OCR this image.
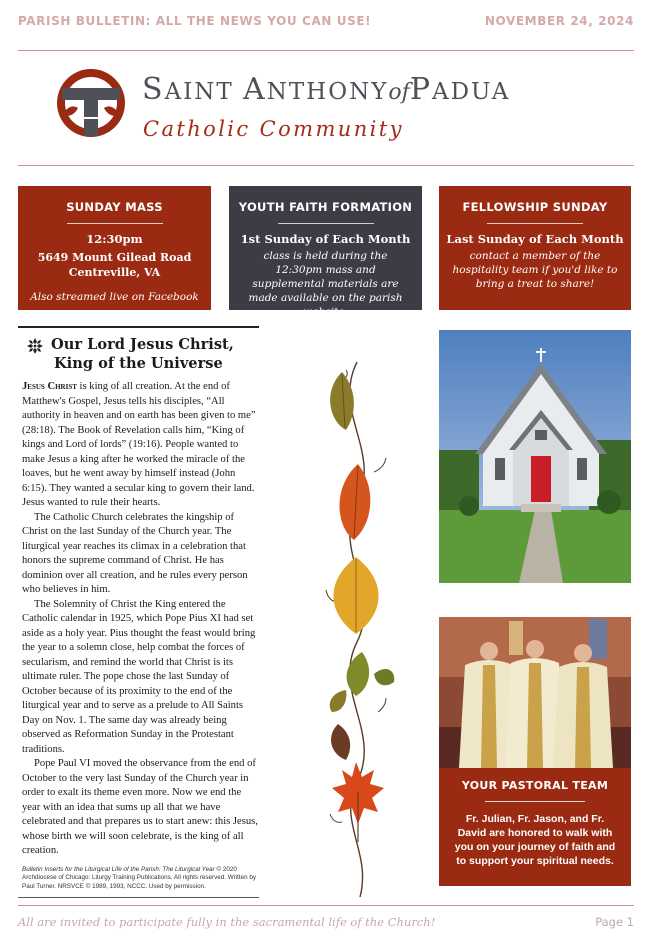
PARISH BULLETIN: ALL THE NEWS YOU CAN USE!	NOVEMBER 24, 2024
SAINT ANTHONYofPADUA
Catholic Community
SUNDAY MASS
12:30pm
5649 Mount Gilead Road
Centreville, VA
Also streamed live on Facebook
YOUTH FAITH FORMATION
1st Sunday of Each Month
class is held during the 12:30pm mass and supplemental materials are made available on the parish website.
FELLOWSHIP SUNDAY
Last Sunday of Each Month
contact a member of the hospitality team if you'd like to bring a treat to share!
Our Lord Jesus Christ,
King of the Universe

Jesus Christ is king of all creation. At the end of Matthew's Gospel, Jesus tells his disciples, “All authority in heaven and on earth has been given to me” (28:18). The Book of Revelation calls him, “King of kings and Lord of lords” (19:16). People wanted to make Jesus a king after he worked the miracle of the loaves, but he went away by himself instead (John 6:15). They wanted a secular king to govern their land. Jesus wanted to rule their hearts.

The Catholic Church celebrates the kingship of Christ on the last Sunday of the Church year. The liturgical year reaches its climax in a celebration that honors the supreme command of Christ. He has dominion over all creation, and he rules every person who believes in him.

The Solemnity of Christ the King entered the Catholic calendar in 1925, which Pope Pius XI had set aside as a holy year. Pius thought the feast would bring the year to a solemn close, help combat the forces of secularism, and remind the world that Christ is its ultimate ruler. The pope chose the last Sunday of October because of its proximity to the end of the liturgical year and to serve as a prelude to All Saints Day on Nov. 1. The same day was already being observed as Reformation Sunday in the Protestant traditions.

Pope Paul VI moved the observance from the end of October to the very last Sunday of the Church year in order to exalt its theme even more. Now we end the year with an idea that sums up all that we have celebrated and that prepares us to start anew: this Jesus, whose birth we will soon celebrate, is the king of all creation.

Bulletin Inserts for the Liturgical Life of the Parish: The Liturgical Year © 2020 Archdiocese of Chicago: Liturgy Training Publications. All rights reserved. Written by Paul Turner. NRSVCE © 1989, 1993, NCCC. Used by permission.
YOUR PASTORAL TEAM
Fr. Julian, Fr. Jason, and Fr. David are honored to walk with you on your journey of faith and to support your spiritual needs.
All are invited to participate fully in the sacramental life of the Church!	Page 1
